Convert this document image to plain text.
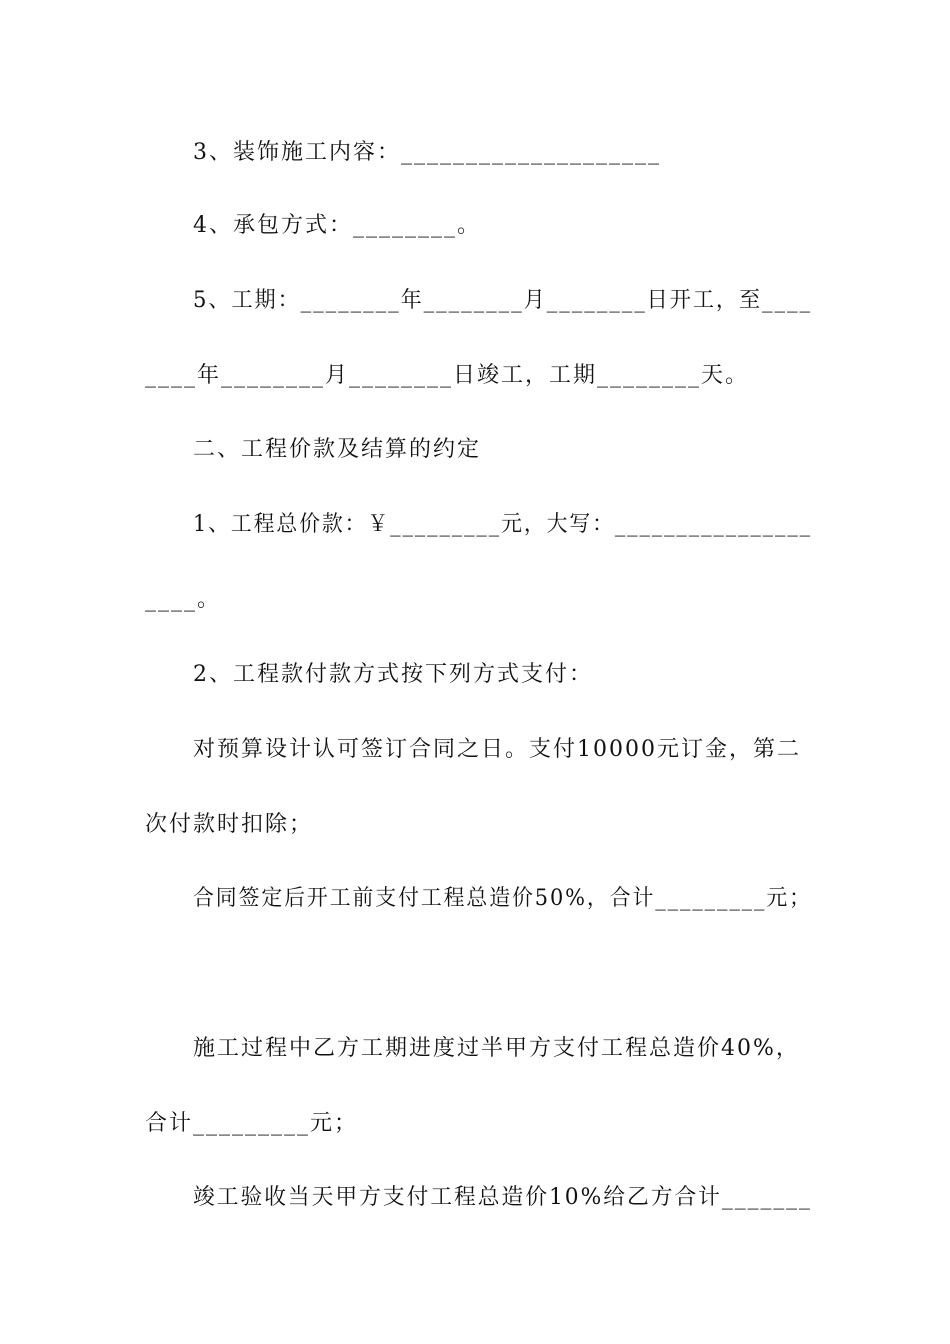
3、装饰施工内容：____________________
4、承包方式：________。
5、工期：________年________月________日开工，至____
____年________月________日竣工，工期________天。
二、工程价款及结算的约定
1、工程总价款：￥_________元，大写：________________
____。
2、工程款付款方式按下列方式支付：
对预算设计认可签订合同之日。支付10000元订金，第二
次付款时扣除；
合同签定后开工前支付工程总造价50%，合计_________元；
施工过程中乙方工期进度过半甲方支付工程总造价40%，
合计_________元；
竣工验收当天甲方支付工程总造价10%给乙方合计_______
